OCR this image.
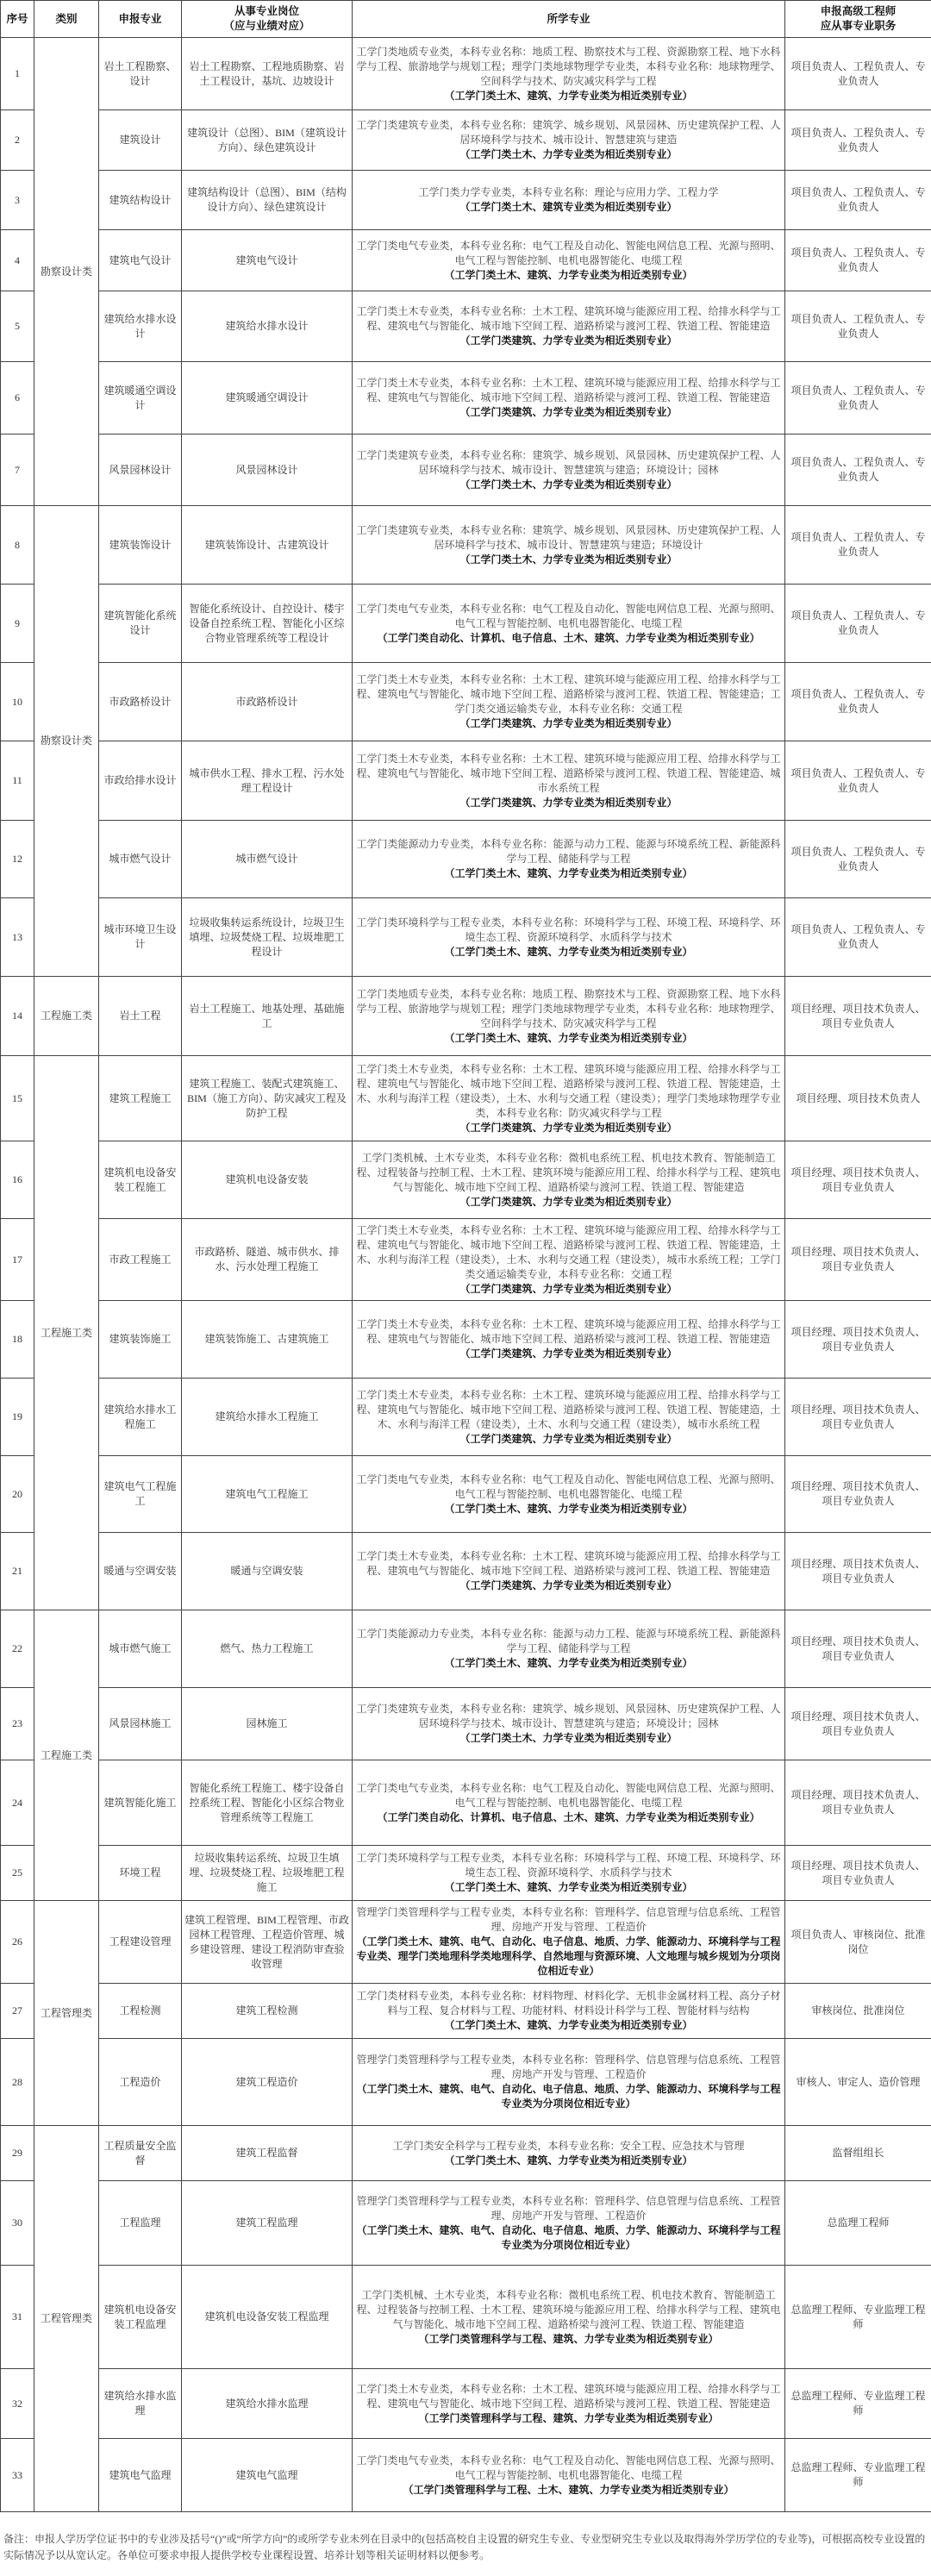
序号	类别	申报专业	从事专业岗位
（应与业绩对应）	所学专业	申报高级工程师
应从事专业职务
1	勘察设计类	岩土工程勘察、设计	岩土工程勘察、工程地质勘察、岩土工程设计，基坑、边坡设计	工学门类地质专业类，本科专业名称：地质工程、勘察技术与工程、资源勘察工程、地下水科学与工程、旅游地学与规划工程；理学门类地球物理学专业类，本科专业名称：地球物理学、空间科学与技术、防灾减灾科学与工程
（工学门类土木、建筑、力学专业类为相近类别专业）	项目负责人、工程负责人、专业负责人
2		建筑设计	建筑设计（总图）、BIM（建筑设计方向）、绿色建筑设计	工学门类建筑专业类，本科专业名称：建筑学、城乡规划、风景园林、历史建筑保护工程、人居环境科学与技术、城市设计、智慧建筑与建造
（工学门类土木、力学专业类为相近类别专业）	项目负责人、工程负责人、专业负责人
3		建筑结构设计	建筑结构设计（总图）、BIM（结构设计方向）、绿色建筑设计	工学门类力学专业类，本科专业名称：理论与应用力学、工程力学
（工学门类土木、建筑专业类为相近类别专业）	项目负责人、工程负责人、专业负责人
4		建筑电气设计	建筑电气设计	工学门类电气专业类，本科专业名称：电气工程及自动化、智能电网信息工程、光源与照明、电气工程与智能控制、电机电器智能化、电缆工程
（工学门类土木、建筑、力学专业类为相近类别专业）	项目负责人、工程负责人、专业负责人
5		建筑给水排水设计	建筑给水排水设计	工学门类土木专业类，本科专业名称：土木工程、建筑环境与能源应用工程、给排水科学与工程、建筑电气与智能化、城市地下空间工程、道路桥梁与渡河工程、铁道工程、智能建造
（工学门类建筑、力学专业类为相近类别专业）	项目负责人、工程负责人、专业负责人
6		建筑暖通空调设计	建筑暖通空调设计	工学门类土木专业类，本科专业名称：土木工程、建筑环境与能源应用工程、给排水科学与工程、建筑电气与智能化、城市地下空间工程、道路桥梁与渡河工程、铁道工程、智能建造
（工学门类建筑、力学专业类为相近类别专业）	项目负责人、工程负责人、专业负责人
7		风景园林设计	风景园林设计	工学门类建筑专业类，本科专业名称：建筑学、城乡规划、风景园林、历史建筑保护工程、人居环境科学与技术、城市设计、智慧建筑与建造；环境设计；园林
（工学门类土木、力学专业类为相近类别专业）	项目负责人、工程负责人、专业负责人
8	勘察设计类	建筑装饰设计	建筑装饰设计、古建筑设计	工学门类建筑专业类，本科专业名称：建筑学、城乡规划、风景园林、历史建筑保护工程、人居环境科学与技术、城市设计、智慧建筑与建造；环境设计
（工学门类土木、力学专业类为相近类别专业）	项目负责人、工程负责人、专业负责人
9		建筑智能化系统设计	智能化系统设计、自控设计、楼宇设备自控系统工程、智能化小区综合物业管理系统等工程设计	工学门类电气专业类，本科专业名称：电气工程及自动化、智能电网信息工程、光源与照明、电气工程与智能控制、电机电器智能化、电缆工程
（工学门类自动化、计算机、电子信息、土木、建筑、力学专业类为相近类别专业）	项目负责人、工程负责人、专业负责人
10		市政路桥设计	市政路桥设计	工学门类土木专业类，本科专业名称：土木工程、建筑环境与能源应用工程、给排水科学与工程、建筑电气与智能化、城市地下空间工程、道路桥梁与渡河工程、铁道工程、智能建造；工学门类交通运输类专业，本科专业名称：交通工程
（工学门类建筑、力学专业类为相近类别专业）	项目负责人、工程负责人、专业负责人
11		市政给排水设计	城市供水工程、排水工程、污水处理工程设计	工学门类土木专业类，本科专业名称：土木工程、建筑环境与能源应用工程、给排水科学与工程、建筑电气与智能化、城市地下空间工程、道路桥梁与渡河工程、铁道工程、智能建造、城市水系统工程
（工学门类建筑、力学专业类为相近类别专业）	项目负责人、工程负责人、专业负责人
12		城市燃气设计	城市燃气设计	工学门类能源动力专业类，本科专业名称：能源与动力工程、能源与环境系统工程、新能源科学与工程、储能科学与工程
（工学门类土木、建筑、力学专业类为相近类别专业）	项目负责人、工程负责人、专业负责人
13		城市环境卫生设计	垃圾收集转运系统设计，垃圾卫生填埋、垃圾焚烧工程、垃圾堆肥工程设计	工学门类环境科学与工程专业类，本科专业名称：环境科学与工程、环境工程、环境科学、环境生态工程、资源环境科学、水质科学与技术
（工学门类土木、建筑、力学专业类为相近类别专业）	项目负责人、工程负责人、专业负责人
14	工程施工类	岩土工程	岩土工程施工、地基处理、基础施工	工学门类地质专业类，本科专业名称：地质工程、勘察技术与工程、资源勘察工程、地下水科学与工程、旅游地学与规划工程；理学门类地球物理学专业类，本科专业名称：地球物理学、空间科学与技术、防灾减灾科学与工程
（工学门类土木、建筑、力学专业类为相近类别专业）	项目经理、项目技术负责人、项目专业负责人
15	工程施工类	建筑工程施工	建筑工程施工、装配式建筑施工、BIM（施工方向）、防灾减灾工程及防护工程	工学门类土木专业类，本科专业名称：土木工程、建筑环境与能源应用工程、给排水科学与工程、建筑电气与智能化、城市地下空间工程、道路桥梁与渡河工程、铁道工程、智能建造，土木、水利与海洋工程（建设类），土木、水利与交通工程（建设类）；理学门类地球物理学专业类，本科专业名称：防灾减灾科学与工程
（工学门类建筑、力学专业类为相近类别专业）	项目经理、项目技术负责人
16		建筑机电设备安装工程施工	建筑机电设备安装	工学门类机械、土木专业类，本科专业名称：微机电系统工程、机电技术教育、智能制造工程、过程装备与控制工程、土木工程、建筑环境与能源应用工程、给排水科学与工程、建筑电气与智能化、城市地下空间工程、道路桥梁与渡河工程、铁道工程、智能建造
（工学门类建筑、力学专业类为相近类别专业）	项目经理、项目技术负责人、项目专业负责人
17		市政工程施工	市政路桥、隧道、城市供水、排水、污水处理工程施工	工学门类土木专业类，本科专业名称：土木工程、建筑环境与能源应用工程、给排水科学与工程、建筑电气与智能化、城市地下空间工程、道路桥梁与渡河工程、铁道工程、智能建造，土木、水利与海洋工程（建设类），土木、水利与交通工程（建设类），城市水系统工程；工学门类交通运输类专业，本科专业名称：交通工程
（工学门类建筑、力学专业类为相近类别专业）	项目经理、项目技术负责人、项目专业负责人
18		建筑装饰施工	建筑装饰施工、古建筑施工	工学门类土木专业类，本科专业名称：土木工程、建筑环境与能源应用工程、给排水科学与工程、建筑电气与智能化、城市地下空间工程、道路桥梁与渡河工程、铁道工程、智能建造
（工学门类建筑、力学专业类为相近类别专业）	项目经理、项目技术负责人、项目专业负责人
19		建筑给水排水工程施工	建筑给水排水工程施工	工学门类土木专业类，本科专业名称：土木工程、建筑环境与能源应用工程、给排水科学与工程、建筑电气与智能化、城市地下空间工程、道路桥梁与渡河工程、铁道工程、智能建造，土木、水利与海洋工程（建设类），土木、水利与交通工程（建设类），城市水系统工程
（工学门类建筑、力学专业类为相近类别专业）	项目经理、项目技术负责人、项目专业负责人
20		建筑电气工程施工	建筑电气工程施工	工学门类电气专业类，本科专业名称：电气工程及自动化、智能电网信息工程、光源与照明、电气工程与智能控制、电机电器智能化、电缆工程
（工学门类土木、建筑、力学专业类为相近类别专业）	项目经理、项目技术负责人、项目专业负责人
21		暖通与空调安装	暖通与空调安装	工学门类土木专业类，本科专业名称：土木工程、建筑环境与能源应用工程、给排水科学与工程、建筑电气与智能化、城市地下空间工程、道路桥梁与渡河工程、铁道工程、智能建造
（工学门类建筑、力学专业类为相近类别专业）	项目经理、项目技术负责人、项目专业负责人
22	工程施工类	城市燃气施工	燃气、热力工程施工	工学门类能源动力专业类，本科专业名称：能源与动力工程、能源与环境系统工程、新能源科学与工程、储能科学与工程
（工学门类土木、建筑、力学专业类为相近类别专业）	项目经理、项目技术负责人、项目专业负责人
23		风景园林施工	园林施工	工学门类建筑专业类，本科专业名称：建筑学、城乡规划、风景园林、历史建筑保护工程、人居环境科学与技术、城市设计、智慧建筑与建造；环境设计；园林
（工学门类土木、力学专业类为相近类别专业）	项目经理、项目技术负责人、项目专业负责人
24		建筑智能化施工	智能化系统工程施工、楼宇设备自控系统工程、智能化小区综合物业管理系统等工程施工	工学门类电气专业类，本科专业名称：电气工程及自动化、智能电网信息工程、光源与照明、电气工程与智能控制、电机电器智能化、电缆工程
（工学门类自动化、计算机、电子信息、土木、建筑、力学专业类为相近类别专业）	项目经理、项目技术负责人、项目专业负责人
25		环境工程	垃圾收集转运系统、垃圾卫生填埋、垃圾焚烧工程、垃圾堆肥工程施工	工学门类环境科学与工程专业类，本科专业名称：环境科学与工程、环境工程、环境科学、环境生态工程、资源环境科学、水质科学与技术
（工学门类土木、建筑、力学专业类为相近类别专业）	项目经理、项目技术负责人、项目专业负责人
26	工程管理类	工程建设管理	建筑工程管理、BIM工程管理、市政园林工程管理、工程造价管理、城乡建设管理、建设工程消防审查验收管理	管理学门类管理科学与工程专业类，本科专业名称：管理科学、信息管理与信息系统、工程管理、房地产开发与管理、工程造价
（工学门类土木、建筑、电气、自动化、电子信息、地质、力学、能源动力、环境科学与工程专业类、理学门类地理科学类地理科学、自然地理与资源环境、人文地理与城乡规划为分项岗位相近专业）	项目负责人、审核岗位、批准岗位
27		工程检测	建筑工程检测	工学门类材料专业类，本科专业名称：材料物理、材料化学、无机非金属材料工程、高分子材料与工程、复合材料与工程、功能材料、材料设计科学与工程、智能材料与结构
（工学门类土木、建筑、力学专业类为相近类别专业）	审核岗位、批准岗位
28		工程造价	建筑工程造价	管理学门类管理科学与工程专业类，本科专业名称：管理科学、信息管理与信息系统、工程管理、房地产开发与管理、工程造价
（工学门类土木、建筑、电气、自动化、电子信息、地质、力学、能源动力、环境科学与工程专业类为分项岗位相近专业）	审核人、审定人、造价管理
29	工程管理类	工程质量安全监督	建筑工程监督	工学门类安全科学与工程专业类，本科专业名称：安全工程、应急技术与管理
（工学门类土木、建筑、力学专业类为相近类别专业）	监督组组长
30		工程监理	建筑工程监理	管理学门类管理科学与工程专业类，本科专业名称：管理科学、信息管理与信息系统、工程管理、房地产开发与管理、工程造价
（工学门类土木、建筑、电气、自动化、电子信息、地质、力学、能源动力、环境科学与工程专业类为分项岗位相近专业）	总监理工程师
31		建筑机电设备安装工程监理	建筑机电设备安装工程监理	工学门类机械、土木专业类，本科专业名称：微机电系统工程、机电技术教育、智能制造工程、过程装备与控制工程、土木工程、建筑环境与能源应用工程、给排水科学与工程、建筑电气与智能化、城市地下空间工程、道路桥梁与渡河工程、铁道工程、智能建造
（工学门类管理科学与工程、建筑、力学专业类为相近类别专业）	总监理工程师、专业监理工程师
32		建筑给水排水监理	建筑给水排水监理	工学门类土木专业类，本科专业名称：土木工程、建筑环境与能源应用工程、给排水科学与工程、建筑电气与智能化、城市地下空间工程、道路桥梁与渡河工程、铁道工程、智能建造
（工学门类管理科学与工程、建筑、力学专业类为相近类别专业）	总监理工程师、专业监理工程师
33		建筑电气监理	建筑电气监理	工学门类电气专业类，本科专业名称：电气工程及自动化、智能电网信息工程、光源与照明、电气工程与智能控制、电机电器智能化、电缆工程
（工学门类管理科学与工程、土木、建筑、力学专业类为相近类别专业）	总监理工程师、专业监理工程师
备注：申报人学历学位证书中的专业涉及括号“()”或“所学方向”的或所学专业未列在目录中的(包括高校自主设置的研究生专业、专业型研究生专业以及取得海外学历学位的专业等)，可根据高校专业设置的实际情况予以从宽认定。各单位可要求申报人提供学校专业课程设置、培养计划等相关证明材料以便参考。
